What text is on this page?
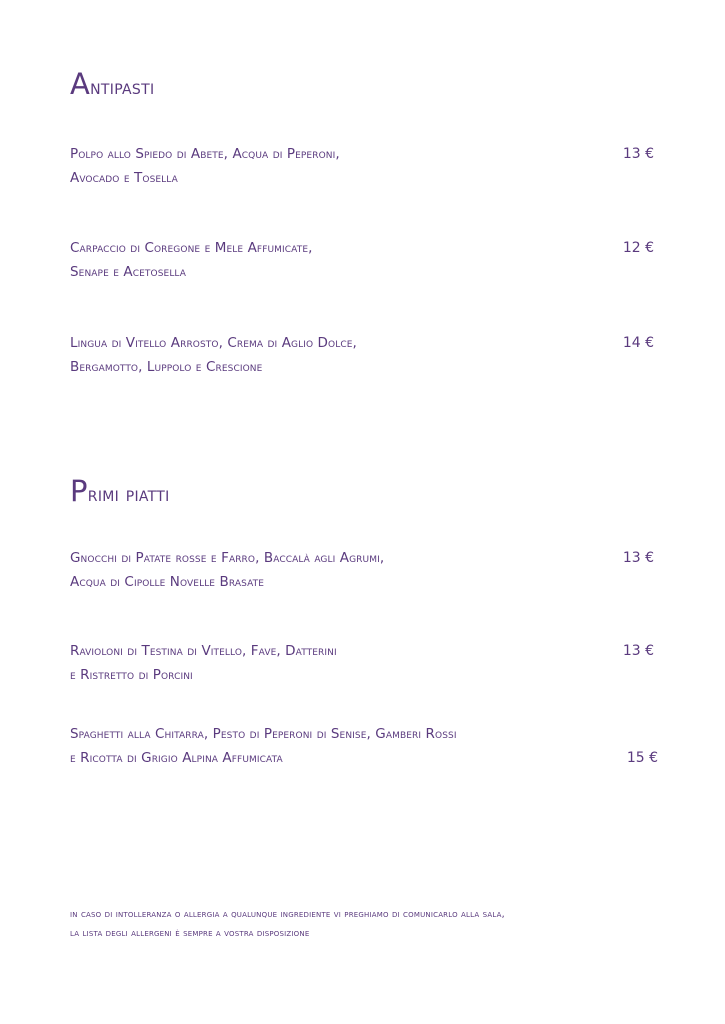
Antipasti
Polpo allo Spiedo di Abete, Acqua di Peperoni,
Avocado e Tosella
13 €
Carpaccio di Coregone e Mele Affumicate,
Senape e Acetosella
12 €
Lingua di Vitello Arrosto, Crema di Aglio Dolce,
Bergamotto, Luppolo e Crescione
14 €
Primi piatti
Gnocchi di Patate rosse e Farro, Baccalà agli Agrumi,
Acqua di Cipolle Novelle Brasate
13 €
Ravioloni di Testina di Vitello, Fave, Datterini
e Ristretto di Porcini
13 €
Spaghetti alla Chitarra, Pesto di Peperoni di Senise, Gamberi Rossi
e Ricotta di Grigio Alpina Affumicata	15 €
in caso di intolleranza o allergia a qualunque ingrediente vi preghiamo di comunicarlo alla sala,
la lista degli allergeni è sempre a vostra disposizione
